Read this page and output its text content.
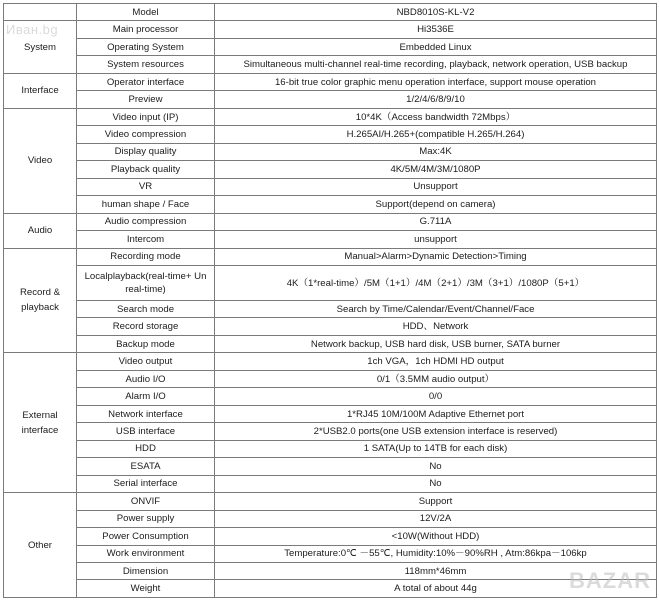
	Model	NBD8010S-KL-V2
System	Main processor	Hi3536E
	Operating System	Embedded Linux
	System resources	Simultaneous multi-channel real-time recording, playback, network operation, USB backup
Interface	Operator interface	16-bit true color graphic menu operation interface, support mouse operation
	Preview	1/2/4/6/8/9/10
Video	Video input (IP)	10*4K（Access bandwidth 72Mbps）
	Video compression	H.265AI/H.265+(compatible H.265/H.264)
	Display quality	Max:4K
	Playback quality	4K/5M/4M/3M/1080P
	VR	Unsupport
	human shape / Face	Support(depend on camera)
Audio	Audio compression	G.711A
	Intercom	unsupport
Record & playback	Recording mode	Manual>Alarm>Dynamic Detection>Timing
	Localplayback(real-time+ Un real-time)	4K（1*real-time）/5M（1+1）/4M（2+1）/3M（3+1）/1080P（5+1）
	Search mode	Search by Time/Calendar/Event/Channel/Face
	Record storage	HDD、Network
	Backup mode	Network backup, USB hard disk, USB burner, SATA burner
External interface	Video output	1ch VGA，1ch HDMI HD output
	Audio I/O	0/1（3.5MM audio output）
	Alarm I/O	0/0
	Network interface	1*RJ45 10M/100M Adaptive Ethernet port
	USB interface	2*USB2.0 ports(one USB extension interface is reserved)
	HDD	1 SATA(Up to 14TB for each disk)
	ESATA	No
	Serial interface	No
Other	ONVIF	Support
	Power supply	12V/2A
	Power Consumption	<10W(Without HDD)
	Work environment	Temperature:0℃ －55℃, Humidity:10%－90%RH , Atm:86kpa－106kp
	Dimension	118mm*46mm
	Weight	A total of about 44g
Иван.bg
BAZAR
